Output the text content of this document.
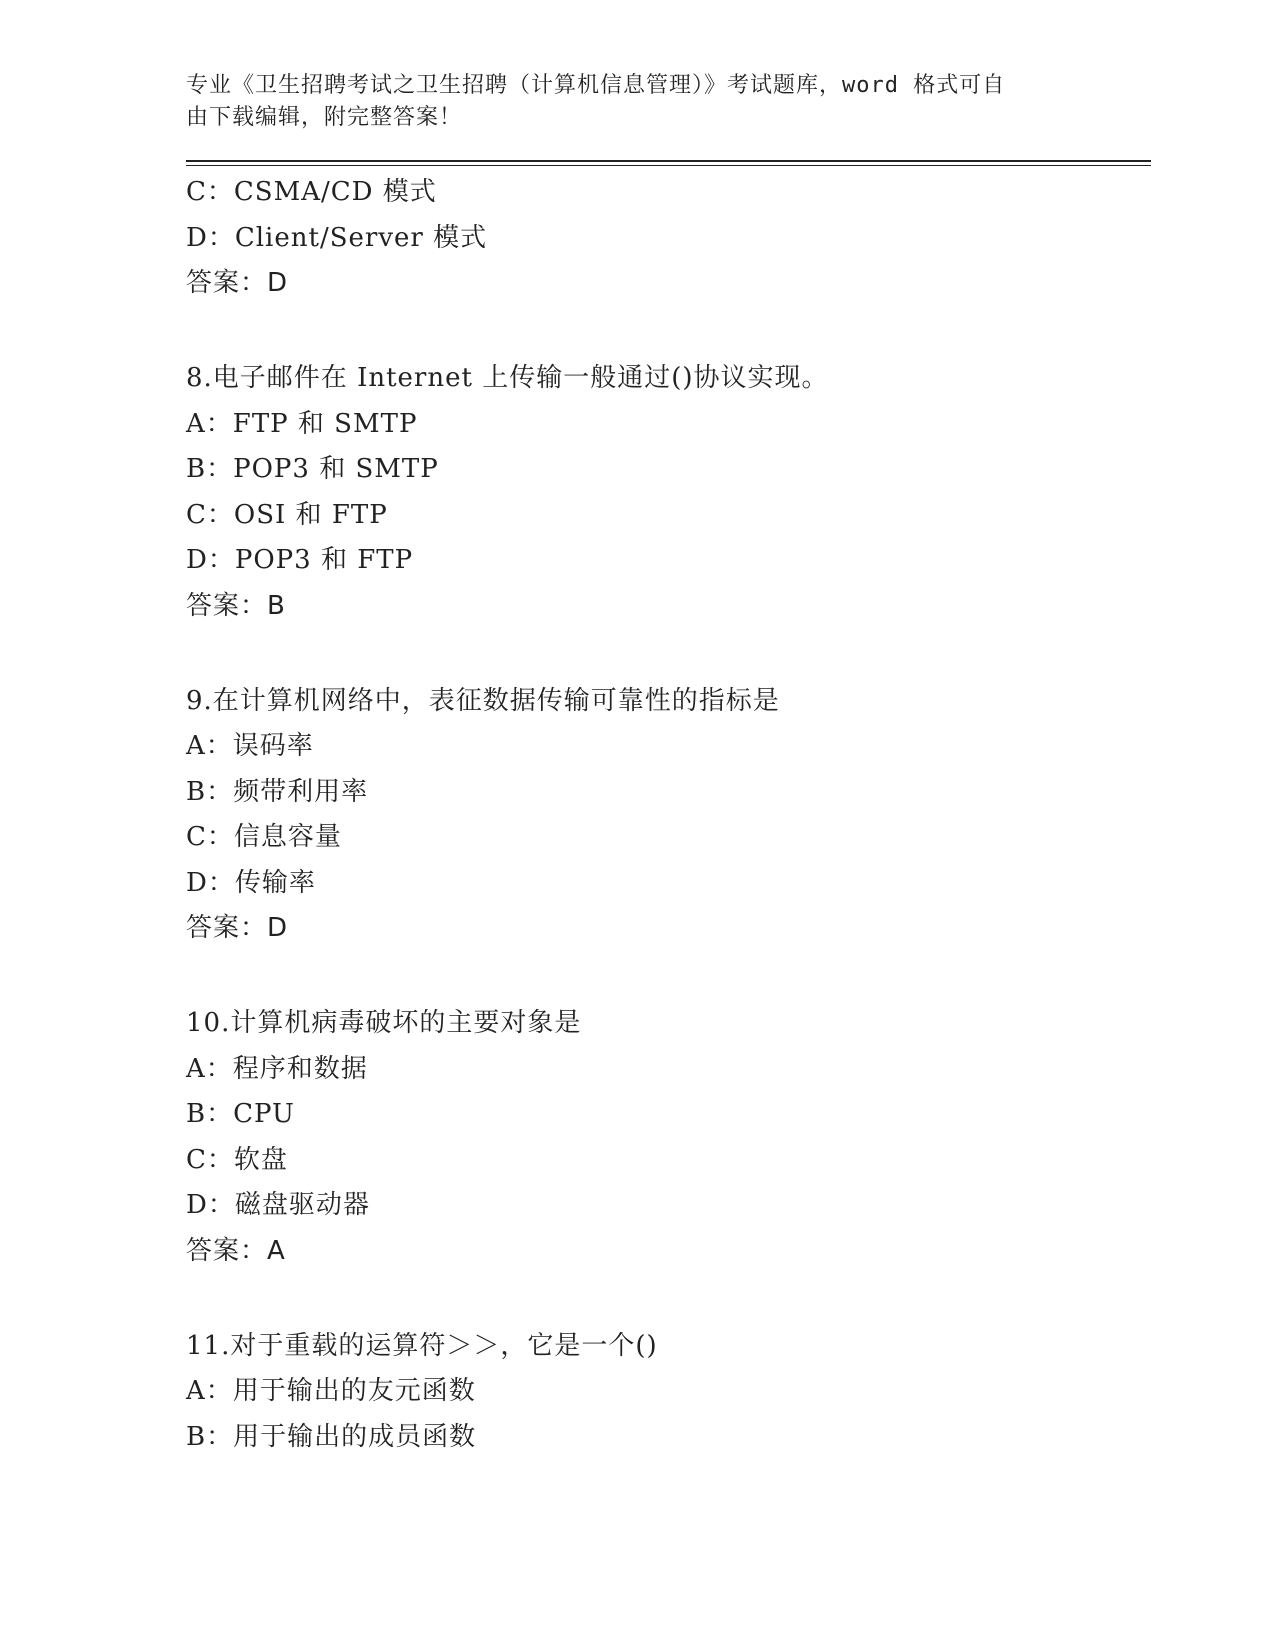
专业《卫生招聘考试之卫生招聘（计算机信息管理）》考试题库，word 格式可自
由下载编辑，附完整答案！
C：CSMA/CD 模式
D：Client/Server 模式
答案：D
8.电子邮件在 Internet 上传输一般通过()协议实现。
A：FTP 和 SMTP
B：POP3 和 SMTP
C：OSI 和 FTP
D：POP3 和 FTP
答案：B
9.在计算机网络中，表征数据传输可靠性的指标是
A：误码率
B：频带利用率
C：信息容量
D：传输率
答案：D
10.计算机病毒破坏的主要对象是
A：程序和数据
B：CPU
C：软盘
D：磁盘驱动器
答案：A
11.对于重载的运算符＞＞，它是一个()
A：用于输出的友元函数
B：用于输出的成员函数
